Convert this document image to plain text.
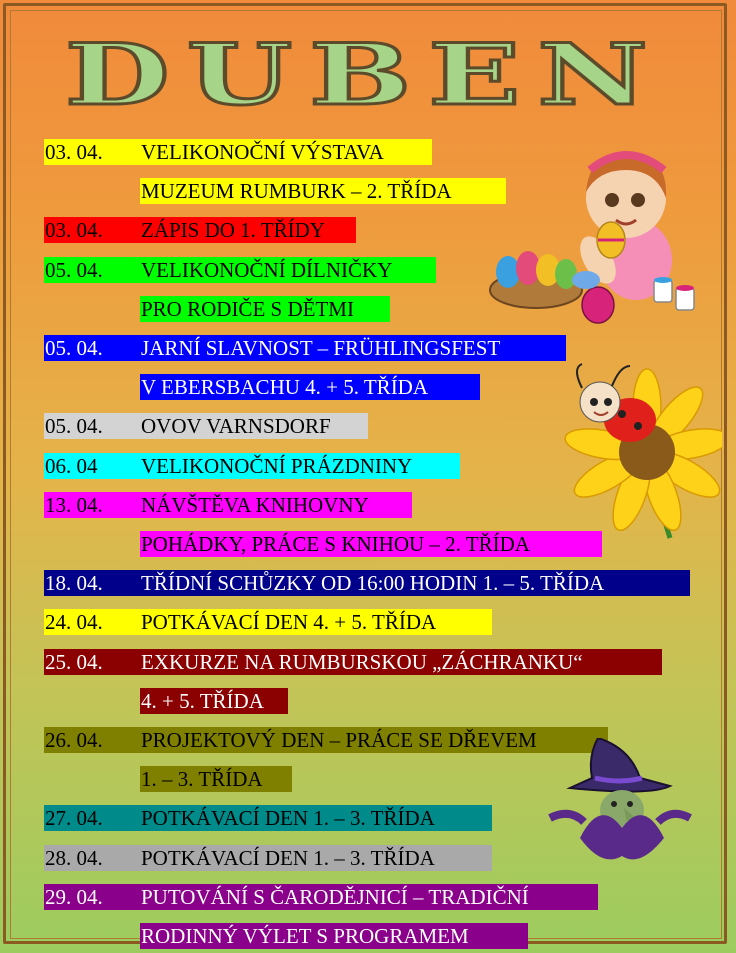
DUBEN
03. 04.	VELIKONOČNÍ VÝSTAVA
MUZEUM RUMBURK – 2. TŘÍDA
03. 04.	ZÁPIS DO 1. TŘÍDY
05. 04.	VELIKONOČNÍ DÍLNIČKY
PRO RODIČE S DĚTMI
05. 04.	JARNÍ SLAVNOST – FRÜHLINGSFEST
V EBERSBACHU 4. + 5. TŘÍDA
05. 04.	OVOV VARNSDORF
06. 04	VELIKONOČNÍ PRÁZDNINY
13. 04.	NÁVŠTĚVA KNIHOVNY
POHÁDKY, PRÁCE S KNIHOU – 2. TŘÍDA
18. 04.	TŘÍDNÍ SCHŮZKY OD 16:00 HODIN 1. – 5. TŘÍDA
24. 04.	POTKÁVACÍ DEN 4. + 5. TŘÍDA
25. 04.	EXKURZE NA RUMBURSKOU „ZÁCHRANKU“
4. + 5. TŘÍDA
26. 04.	PROJEKTOVÝ DEN – PRÁCE SE DŘEVEM
1. – 3. TŘÍDA
27. 04.	POTKÁVACÍ DEN 1. – 3. TŘÍDA
28. 04.	POTKÁVACÍ DEN 1. – 3. TŘÍDA
29. 04.	PUTOVÁNÍ S ČARODĚJNICÍ – TRADIČNÍ
RODINNÝ VÝLET S PROGRAMEM
